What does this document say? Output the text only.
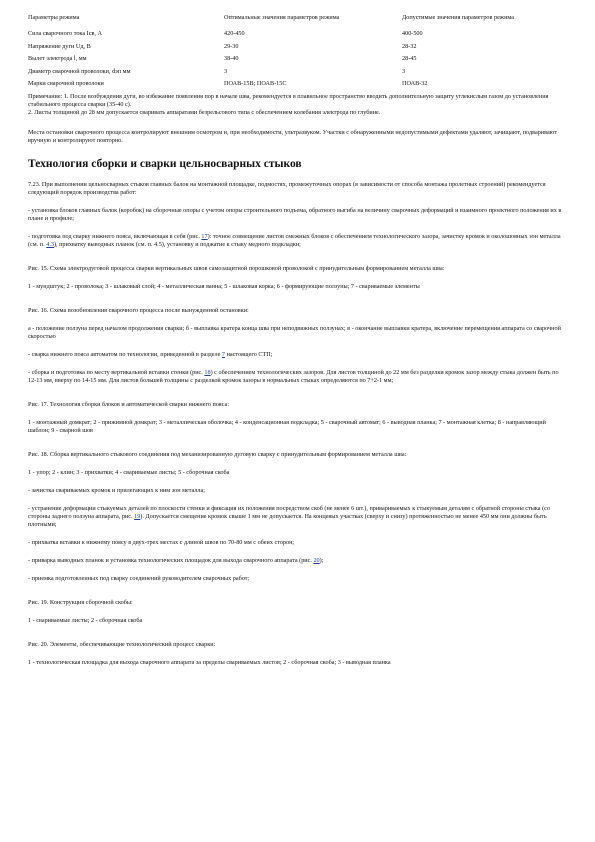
Параметры режима	Оптимальные значения параметров режима	Допустимые значения параметров режима
Сила сварочного тока Iсв, А	420-450	400-500
Напряжение дуги Uд, В	29-30	28-32
Вылет электрода l, мм	38-40	28-45
Диаметр сварочной проволоки, dэп мм	3	3
Марки сварочной проволоки	ПОАВ-15В; ПОАВ-15С	ПОАВ-32

Примечание: 1. После возбуждения дуги, во избежание появления пор в начале шва, рекомендуется в плавильное пространство вводить дополнительную защиту углекислым газом до установления стабильного процесса сварки (35-40 с).

2. Листы толщиной до 28 мм допускается сваривать аппаратами безрельсового типа с обеспечением колебания электрода по глубине.

Места остановки сварочного процесса контролируют внешним осмотром и, при необходимости, ультразвуком. Участки с обнаруженными недопустимыми дефектами удаляют, зачищают, подваривают вручную и контролируют повторно.

Технология сборки и сварки цельносварных стыков

7.23. При выполнении цельносварных стыков главных балок на монтажной площадке, подмостях, промежуточных опорах (в зависимости от способа монтажа пролетных строений) рекомендуется следующий порядок производства работ:

- установка блоков главных балок (коробок) на сборочные опоры с учетом опоры строительного подъема, обратного выгиба на величину сварочных деформаций и взаимного проектного положения их в плане и профиле;

- подготовка под сварку нижнего пояса, включающая в себя (рис. 17): точное совмещение листов смежных блоков с обеспечением технологического зазора, зачистку кромок и околошовных зон металла (см. п. 4.3), прихватку выводных планок (см. п. 4.5), установку и поджатие к стыку медного подкладки;

Рис. 15. Схема электродуговой процесса сварки вертикальных швов самозащитной порошковой проволокой с принудительным формированием металла шва:

1 - мундштук; 2 - проволока; 3 - шлаковый слой; 4 - металлическая ванна; 5 - шлаковая корка; 6 - формирующие ползуны; 7 - свариваемые элементы

Рис. 16. Схема возобновления сварочного процесса после вынужденной остановки:

а - положение ползуна перед началом продолжения сварки; б - выплавка кратера конца шва при неподвижных ползунах; в - окончание выплавки кратера, включение перемещения аппарата со сварочной скоростью

- сварка нижнего пояса автоматом по технологии, приведенной в разделе 7 настоящего СТП;

- сборка и подготовка по месту вертикальной вставки стенки (рис. 18) с обеспечением технологических зазоров. Для листов толщиной до 22 мм без разделки кромок зазор между стыка должен быть по 12-13 мм, вверху по 14-15 мм. Для листов большей толщины с разделкой кромок зазоры в нормальных стыках определяются по 7+2-1 мм;

Рис. 17. Технология сборки блоков и автоматической сварки нижнего пояса:

1 - монтажный домкрат; 2 - прижимной домкрат; 3 - металлическая оболочка; 4 - конденсационная подкладка; 5 - сварочный автомат; 6 - выводная планка; 7 - монтажная клетка; 8 - направляющий шаблон; 9 - сварной шов

Рис. 18. Сборка вертикального стыкового соединения под механизированную дуговую сварку с принудительным формированием металла шва:

1 - упор; 2 - клин; 3 - прихватки; 4 - свариваемые листы; 5 - сборочная скоба

- зачистка свариваемых кромок и прилегающих к ним зон металла;

- устранение деформации стыкуемых деталей по плоскости стенки и фиксация их положения посредством скоб (не менее 6 шт.), привариваемых к стыкуемым деталям с обратной стороны стыка (со стороны заднего ползуна аппарата, рис. 19). Допускается смещение кромок свыше 1 мм не допускается. На концевых участках (сверху и снизу) протяженностью не менее 450 мм они должны быть плотными;

- прихватка вставки к нижнему поясу в двух-трех местах с длиной швов по 70-80 мм с обеих сторон;

- приварка выводных планок и установка технологических площадок для выхода сварочного аппарата (рис. 20);

- приемка подготовленных под сварку соединений руководителем сварочных работ;

Рис. 19. Конструкция сборочной скобы:

1 - свариваемые листы; 2 - сборочная скоба

Рис. 20. Элементы, обеспечивающие технологический процесс сварки:

1 - технологическая площадка для выхода сварочного аппарата за пределы свариваемых листов; 2 - сборочная скоба; 3 - выводная планка
